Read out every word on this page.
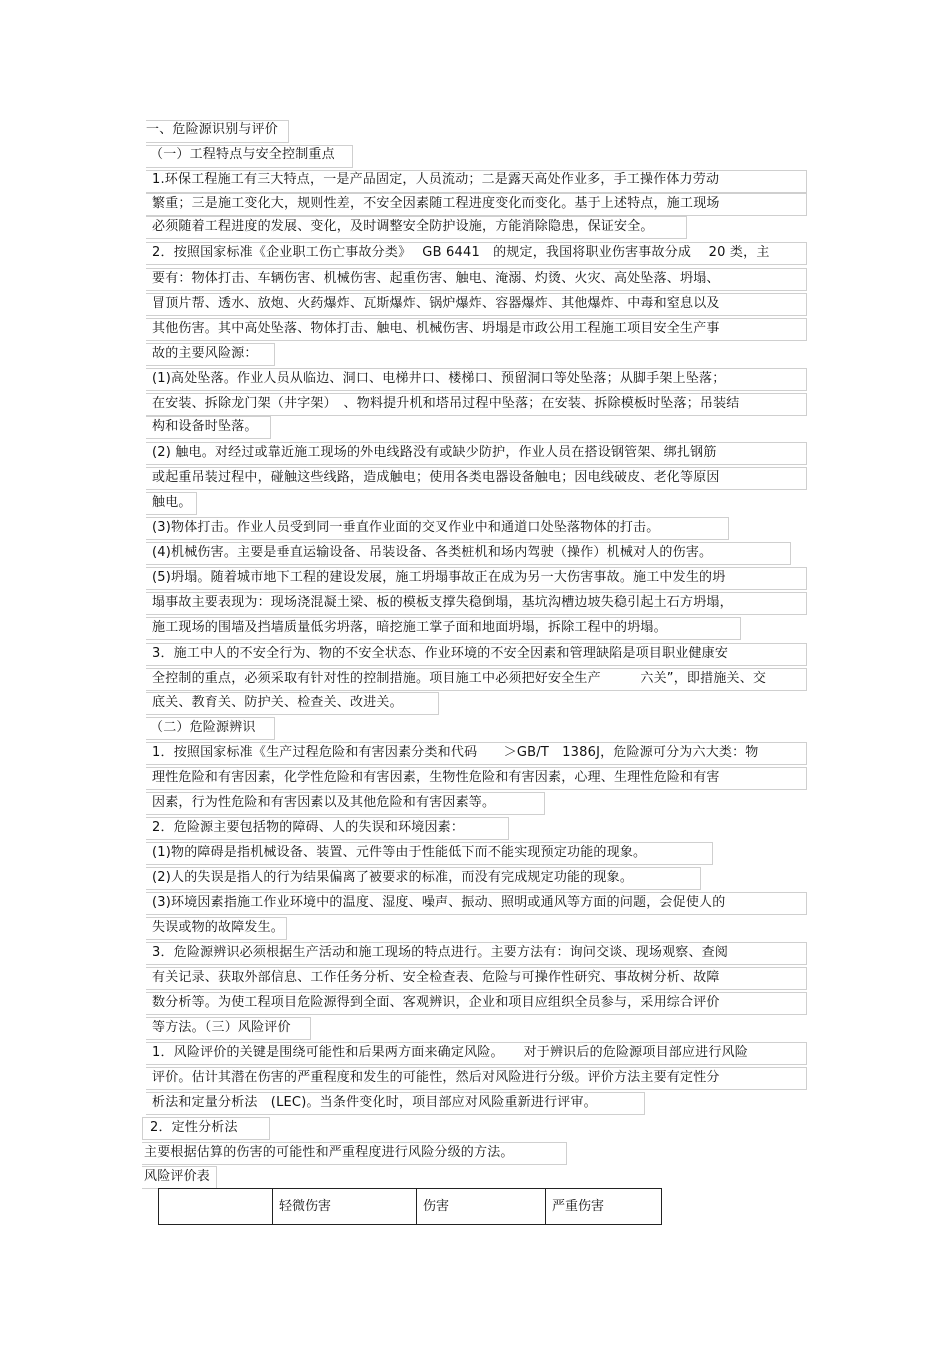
一、危险源识别与评价
（一）工程特点与安全控制重点
1.环保工程施工有三大特点，一是产品固定，人员流动；二是露天高处作业多，手工操作体力劳动
繁重；三是施工变化大，规则性差，不安全因素随工程进度变化而变化。基于上述特点，施工现场
必须随着工程进度的发展、变化，及时调整安全防护设施，方能消除隐患，保证安全。
2．按照国家标准《企业职工伤亡事故分类》　 GB 6441　的规定，我国将职业伤害事故分成　 20 类，主
要有：物体打击、车辆伤害、机械伤害、起重伤害、触电、淹溺、灼烫、火灾、高处坠落、坍塌、
冒顶片帮、透水、放炮、火药爆炸、瓦斯爆炸、锅炉爆炸、容器爆炸、其他爆炸、中毒和窒息以及
其他伤害。其中高处坠落、物体打击、触电、机械伤害、坍塌是市政公用工程施工项目安全生产事
故的主要风险源：
(1)高处坠落。作业人员从临边、洞口、电梯井口、楼梯口、预留洞口等处坠落；从脚手架上坠落；
在安装、拆除龙门架（井字架）　、物料提升机和塔吊过程中坠落；在安装、拆除模板时坠落；吊装结
构和设备时坠落。
(2) 触电。对经过或靠近施工现场的外电线路没有或缺少防护，作业人员在搭设钢管架、绑扎钢筋
或起重吊装过程中，碰触这些线路，造成触电；使用各类电器设备触电；因电线破皮、老化等原因
触电。
(3)物体打击。作业人员受到同一垂直作业面的交叉作业中和通道口处坠落物体的打击。
(4)机械伤害。主要是垂直运输设备、吊装设备、各类桩机和场内驾驶（操作）机械对人的伤害。
(5)坍塌。随着城市地下工程的建设发展，施工坍塌事故正在成为另一大伤害事故。施工中发生的坍
塌事故主要表现为：现场浇混凝土梁、板的模板支撑失稳倒塌，基坑沟槽边坡失稳引起土石方坍塌，
施工现场的围墙及挡墙质量低劣坍落，暗挖施工掌子面和地面坍塌，拆除工程中的坍塌。
3．施工中人的不安全行为、物的不安全状态、作业环境的不安全因素和管理缺陷是项目职业健康安
全控制的重点，必须采取有针对性的控制措施。项目施工中必须把好安全生产　　　六关”，即措施关、交
底关、教育关、防护关、检查关、改进关。
（二）危险源辨识
1．按照国家标准《生产过程危险和有害因素分类和代码　　＞GB/T　1386J，危险源可分为六大类：物
理性危险和有害因素，化学性危险和有害因素，生物性危险和有害因素，心理、生理性危险和有害
因素，行为性危险和有害因素以及其他危险和有害因素等。
2．危险源主要包括物的障碍、人的失误和环境因素：
(1)物的障碍是指机械设备、装置、元件等由于性能低下而不能实现预定功能的现象。
(2)人的失误是指人的行为结果偏离了被要求的标准，而没有完成规定功能的现象。
(3)环境因素指施工作业环境中的温度、湿度、噪声、振动、照明或通风等方面的问题，会促使人的
失误或物的故障发生。
3．危险源辨识必须根据生产活动和施工现场的特点进行。主要方法有：询问交谈、现场观察、查阅
有关记录、获取外部信息、工作任务分析、安全检查表、危险与可操作性研究、事故树分析、故障
数分析等。为使工程项目危险源得到全面、客观辨识，企业和项目应组织全员参与，采用综合评价
等方法。（三）风险评价
1．风险评价的关键是围绕可能性和后果两方面来确定风险。　　对于辨识后的危险源项目部应进行风险
评价。估计其潜在伤害的严重程度和发生的可能性，然后对风险进行分级。评价方法主要有定性分
析法和定量分析法　(LEC)。当条件变化时，项目部应对风险重新进行评审。
2．定性分析法
主要根据估算的伤害的可能性和严重程度进行风险分级的方法。
风险评价表
	轻微伤害	伤害	严重伤害
